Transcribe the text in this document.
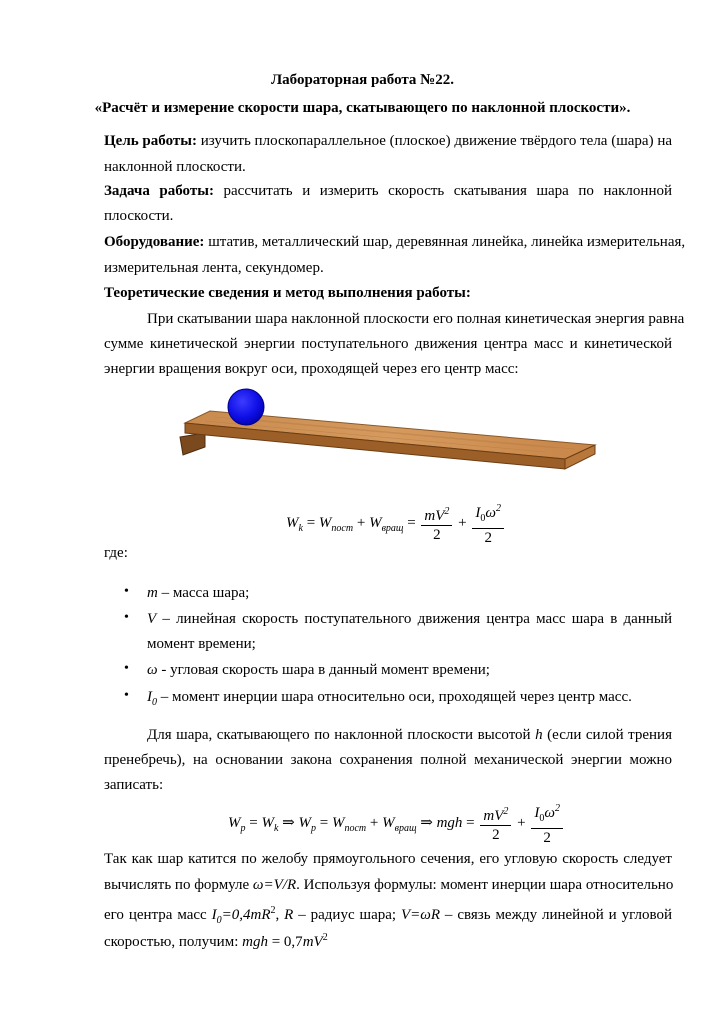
Лабораторная работа №22.
«Расчёт и измерение скорости шара, скатывающего по наклонной плоскости».
Цель работы: изучить плоскопараллельное (плоское) движение твёрдого тела (шара) на
наклонной плоскости.
Задача работы: рассчитать и измерить скорость скатывания шара по наклонной
плоскости.
Оборудование: штатив, металлический шар, деревянная линейка, линейка измерительная,
измерительная лента, секундомер.
Теоретические сведения и метод выполнения работы:
При скатывании шара наклонной плоскости его полная кинетическая энергия равна
сумме кинетической энергии поступательного движения центра масс и кинетической
энергии вращения вокруг оси, проходящей через его центр масс:
$W_k = W_{пост} + W_{вращ} = \frac{mV^2}{2} + \frac{I_0\omega^2}{2}$
где:
• m – масса шара;
• V – линейная скорость поступательного движения центра масс шара в данный
момент времени;
• ω - угловая скорость шара в данный момент времени;
• $I_0$ – момент инерции шара относительно оси, проходящей через центр масс.
Для шара, скатывающего по наклонной плоскости высотой h (если силой трения
пренебречь), на основании закона сохранения полной механической энергии можно
записать:
$W_p = W_k$ ⇒ $W_p = W_{пост} + W_{вращ}$ ⇒ mgh = $\frac{mV^2}{2} + \frac{I_0\omega^2}{2}$
Так как шар катится по желобу прямоугольного сечения, его угловую скорость следует
вычислять по формуле ω=V/R. Используя формулы: момент инерции шара относительно
его центра масс $I_0=0,4mR^2$, R – радиус шара; V=ωR – связь между линейной и угловой
скоростью, получим: mgh = $0,7mV^2$
